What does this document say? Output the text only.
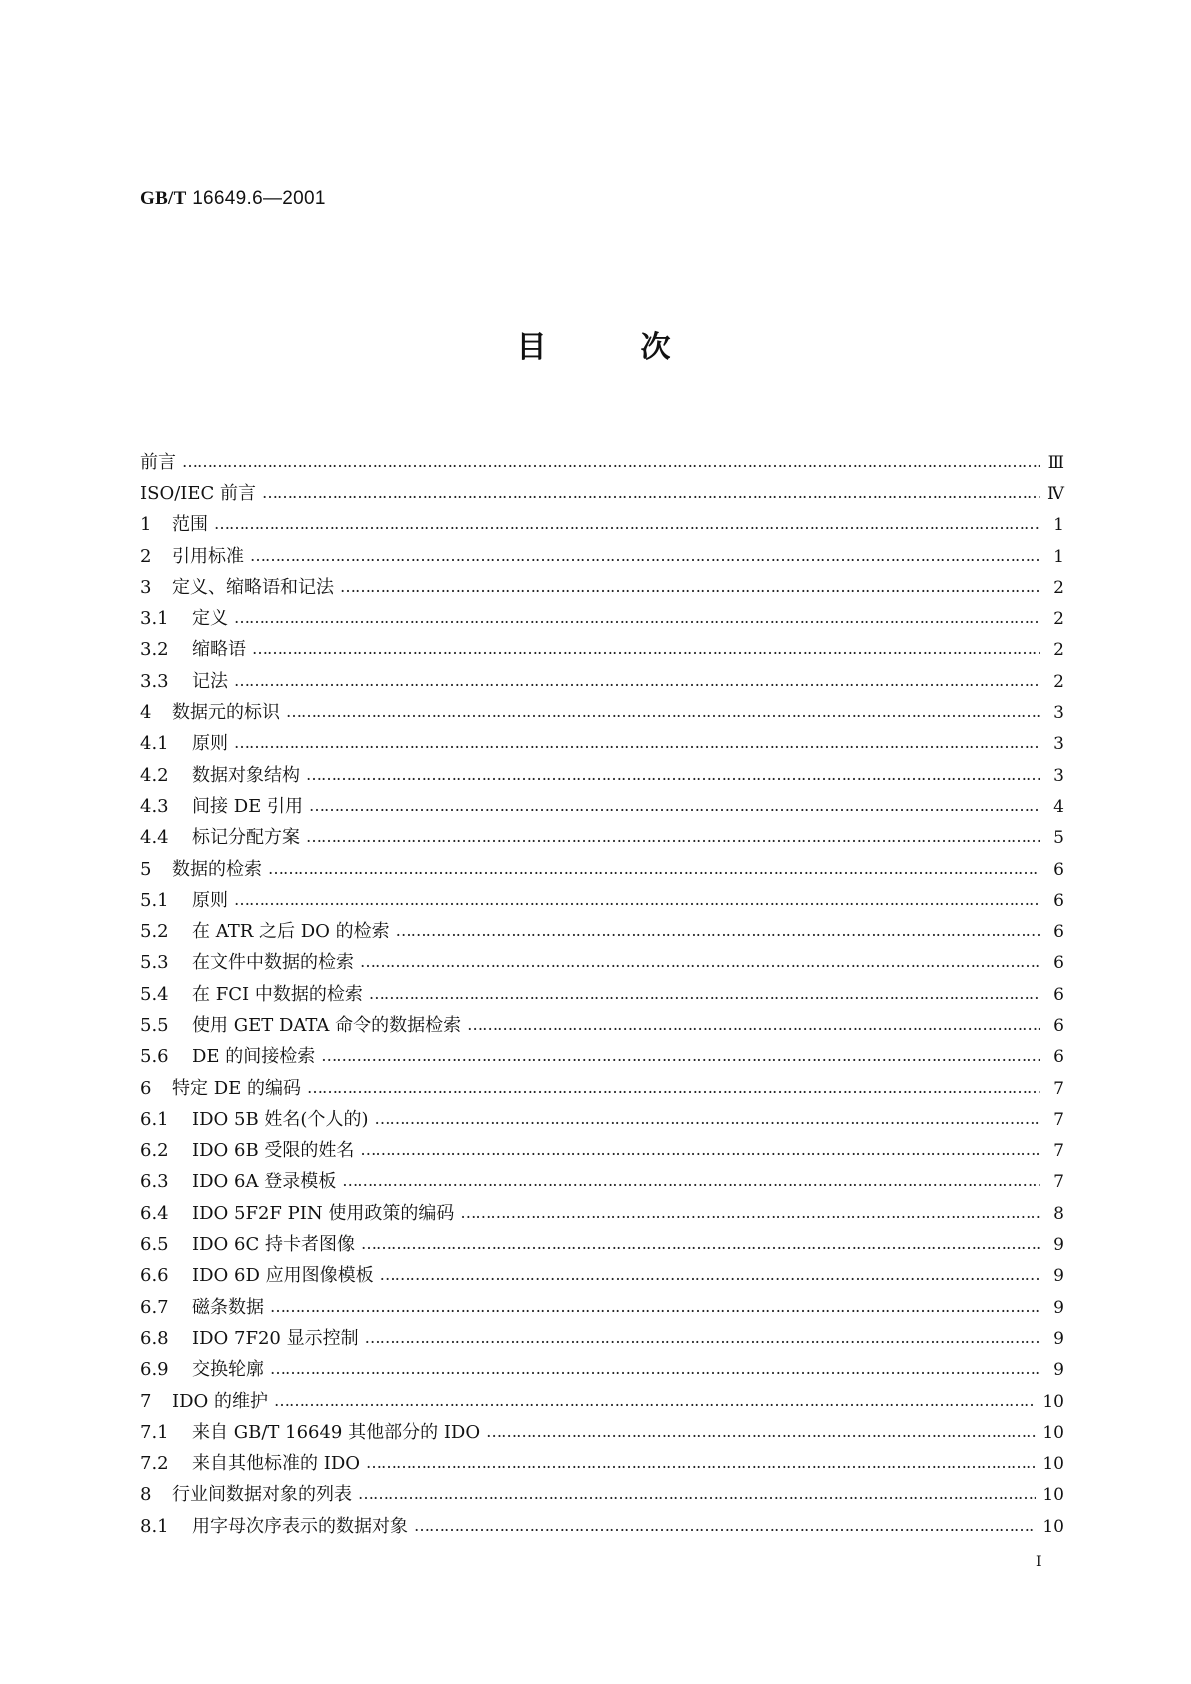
GB/T 16649.6—2001
目	次
前言 …………………………………………………………………………………………………………………………………………………………………………………………………………………………………………………………………………………………	Ⅲ
ISO/IEC 前言 …………………………………………………………………………………………………………………………………………………………………………………………………………………………………………………………………………………………	Ⅳ
1	范围 …………………………………………………………………………………………………………………………………………………………………………………………………………………………………………………………………………………………	1
2	引用标准 …………………………………………………………………………………………………………………………………………………………………………………………………………………………………………………………………………………………	1
3	定义、缩略语和记法 …………………………………………………………………………………………………………………………………………………………………………………………………………………………………………………………………………………………	2
3.1	定义 …………………………………………………………………………………………………………………………………………………………………………………………………………………………………………………………………………………………	2
3.2	缩略语 …………………………………………………………………………………………………………………………………………………………………………………………………………………………………………………………………………………………	2
3.3	记法 …………………………………………………………………………………………………………………………………………………………………………………………………………………………………………………………………………………………	2
4	数据元的标识 …………………………………………………………………………………………………………………………………………………………………………………………………………………………………………………………………………………………	3
4.1	原则 …………………………………………………………………………………………………………………………………………………………………………………………………………………………………………………………………………………………	3
4.2	数据对象结构 …………………………………………………………………………………………………………………………………………………………………………………………………………………………………………………………………………………………	3
4.3	间接 DE 引用 …………………………………………………………………………………………………………………………………………………………………………………………………………………………………………………………………………………………	4
4.4	标记分配方案 …………………………………………………………………………………………………………………………………………………………………………………………………………………………………………………………………………………………	5
5	数据的检索 …………………………………………………………………………………………………………………………………………………………………………………………………………………………………………………………………………………………	6
5.1	原则 …………………………………………………………………………………………………………………………………………………………………………………………………………………………………………………………………………………………	6
5.2	在 ATR 之后 DO 的检索 …………………………………………………………………………………………………………………………………………………………………………………………………………………………………………………………………………………………	6
5.3	在文件中数据的检索 …………………………………………………………………………………………………………………………………………………………………………………………………………………………………………………………………………………………	6
5.4	在 FCI 中数据的检索 …………………………………………………………………………………………………………………………………………………………………………………………………………………………………………………………………………………………	6
5.5	使用 GET DATA 命令的数据检索 …………………………………………………………………………………………………………………………………………………………………………………………………………………………………………………………………………………………	6
5.6	DE 的间接检索 …………………………………………………………………………………………………………………………………………………………………………………………………………………………………………………………………………………………	6
6	特定 DE 的编码 …………………………………………………………………………………………………………………………………………………………………………………………………………………………………………………………………………………………	7
6.1	IDO 5B 姓名(个人的) …………………………………………………………………………………………………………………………………………………………………………………………………………………………………………………………………………………………	7
6.2	IDO 6B 受限的姓名 …………………………………………………………………………………………………………………………………………………………………………………………………………………………………………………………………………………………	7
6.3	IDO 6A 登录模板 …………………………………………………………………………………………………………………………………………………………………………………………………………………………………………………………………………………………	7
6.4	IDO 5F2F PIN 使用政策的编码 …………………………………………………………………………………………………………………………………………………………………………………………………………………………………………………………………………………………	8
6.5	IDO 6C 持卡者图像 …………………………………………………………………………………………………………………………………………………………………………………………………………………………………………………………………………………………	9
6.6	IDO 6D 应用图像模板 …………………………………………………………………………………………………………………………………………………………………………………………………………………………………………………………………………………………	9
6.7	磁条数据 …………………………………………………………………………………………………………………………………………………………………………………………………………………………………………………………………………………………	9
6.8	IDO 7F20 显示控制 …………………………………………………………………………………………………………………………………………………………………………………………………………………………………………………………………………………………	9
6.9	交换轮廓 …………………………………………………………………………………………………………………………………………………………………………………………………………………………………………………………………………………………	9
7	IDO 的维护 …………………………………………………………………………………………………………………………………………………………………………………………………………………………………………………………………………………………	10
7.1	来自 GB/T 16649 其他部分的 IDO …………………………………………………………………………………………………………………………………………………………………………………………………………………………………………………………………………………………	10
7.2	来自其他标准的 IDO …………………………………………………………………………………………………………………………………………………………………………………………………………………………………………………………………………………………	10
8	行业间数据对象的列表 …………………………………………………………………………………………………………………………………………………………………………………………………………………………………………………………………………………………	10
8.1	用字母次序表示的数据对象 …………………………………………………………………………………………………………………………………………………………………………………………………………………………………………………………………………………………	10
I
